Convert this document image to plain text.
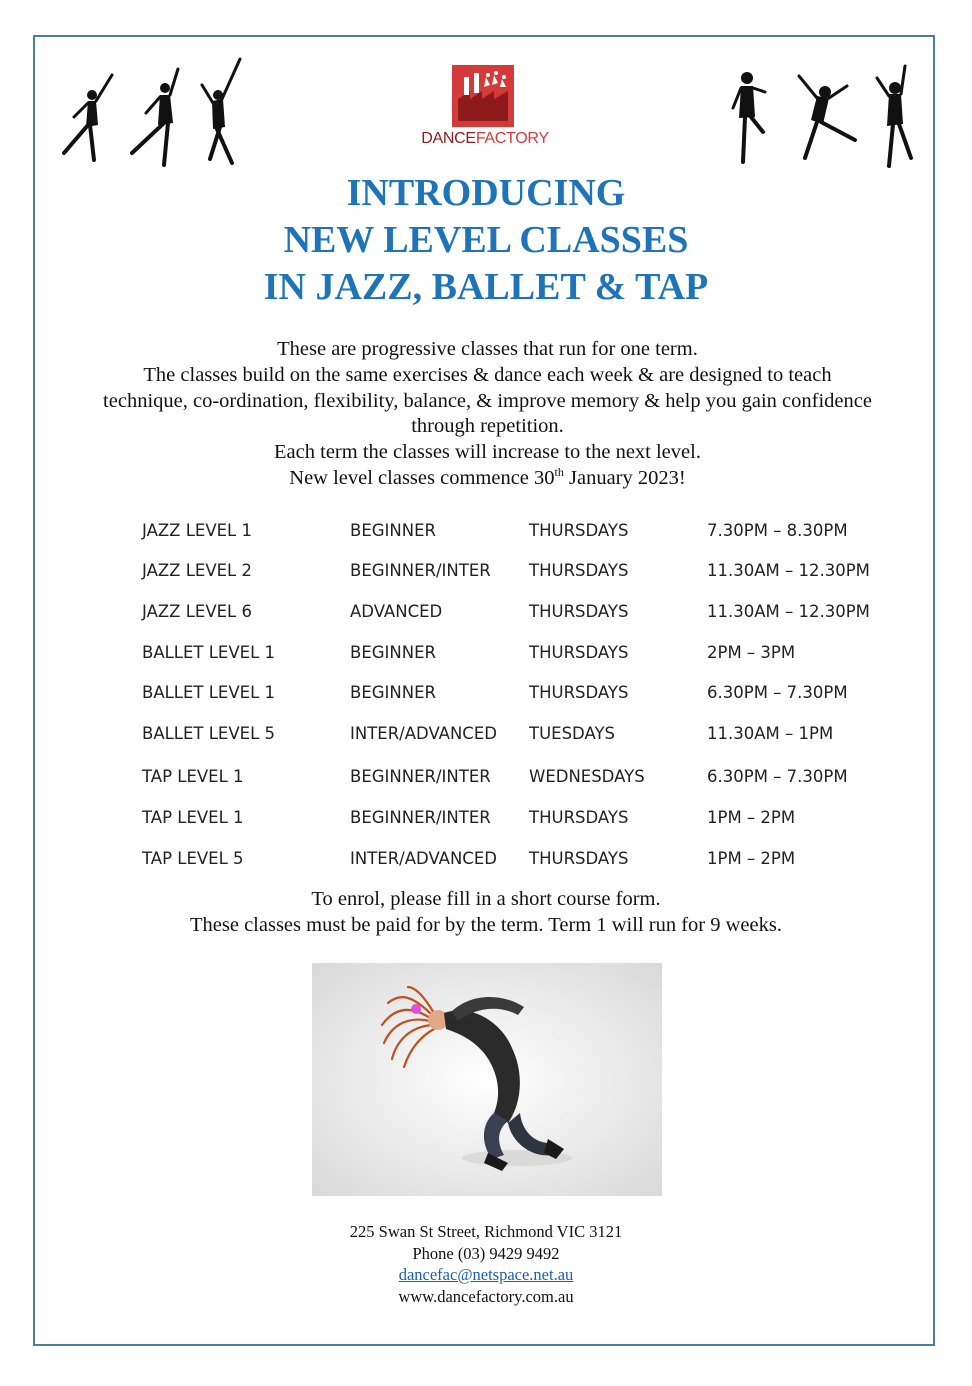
DANCEFACTORY
INTRODUCING
NEW LEVEL CLASSES
IN JAZZ, BALLET & TAP
These are progressive classes that run for one term.
The classes build on the same exercises & dance each week & are designed to teach
technique, co-ordination, flexibility, balance, & improve memory & help you gain confidence
through repetition.
Each term the classes will increase to the next level.
New level classes commence 30th January 2023!
JAZZ LEVEL 1	BEGINNER	THURSDAYS	7.30PM – 8.30PM
JAZZ LEVEL 2	BEGINNER/INTER THURSDAYS	11.30AM – 12.30PM
JAZZ LEVEL 6	ADVANCED	THURSDAYS	11.30AM – 12.30PM
BALLET LEVEL 1	BEGINNER	THURSDAYS	2PM – 3PM
BALLET LEVEL 1	BEGINNER	THURSDAYS	6.30PM – 7.30PM
BALLET LEVEL 5	INTER/ADVANCED TUESDAYS	11.30AM – 1PM
TAP LEVEL 1	BEGINNER/INTER WEDNESDAYS	6.30PM – 7.30PM
TAP LEVEL 1	BEGINNER/INTER THURSDAYS	1PM – 2PM
TAP LEVEL 5	INTER/ADVANCED THURSDAYS	1PM – 2PM
To enrol, please fill in a short course form.
These classes must be paid for by the term. Term 1 will run for 9 weeks.
225 Swan St Street, Richmond VIC 3121
Phone (03) 9429 9492
dancefac@netspace.net.au
www.dancefactory.com.au
